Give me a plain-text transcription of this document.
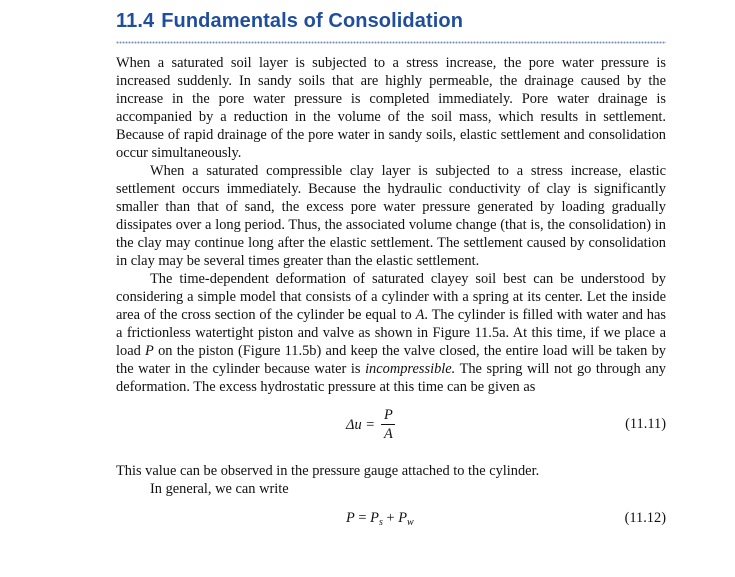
11.4 Fundamentals of Consolidation

When a saturated soil layer is subjected to a stress increase, the pore water pressure is increased suddenly. In sandy soils that are highly permeable, the drainage caused by the increase in the pore water pressure is completed immediately. Pore water drainage is accompanied by a reduction in the volume of the soil mass, which results in settlement. Because of rapid drainage of the pore water in sandy soils, elastic settlement and consolidation occur simultaneously.

When a saturated compressible clay layer is subjected to a stress increase, elastic settlement occurs immediately. Because the hydraulic conductivity of clay is significantly smaller than that of sand, the excess pore water pressure generated by loading gradually dissipates over a long period. Thus, the associated volume change (that is, the consolidation) in the clay may continue long after the elastic settlement. The settlement caused by consolidation in clay may be several times greater than the elastic settlement.

The time-dependent deformation of saturated clayey soil best can be understood by considering a simple model that consists of a cylinder with a spring at its center. Let the inside area of the cross section of the cylinder be equal to A. The cylinder is filled with water and has a frictionless watertight piston and valve as shown in Figure 11.5a. At this time, if we place a load P on the piston (Figure 11.5b) and keep the valve closed, the entire load will be taken by the water in the cylinder because water is incompressible. The spring will not go through any deformation. The excess hydrostatic pressure at this time can be given as

Δu =
P
A
(11.11)

This value can be observed in the pressure gauge attached to the cylinder.

In general, we can write

$P = P_s + P_w$	(11.12)
